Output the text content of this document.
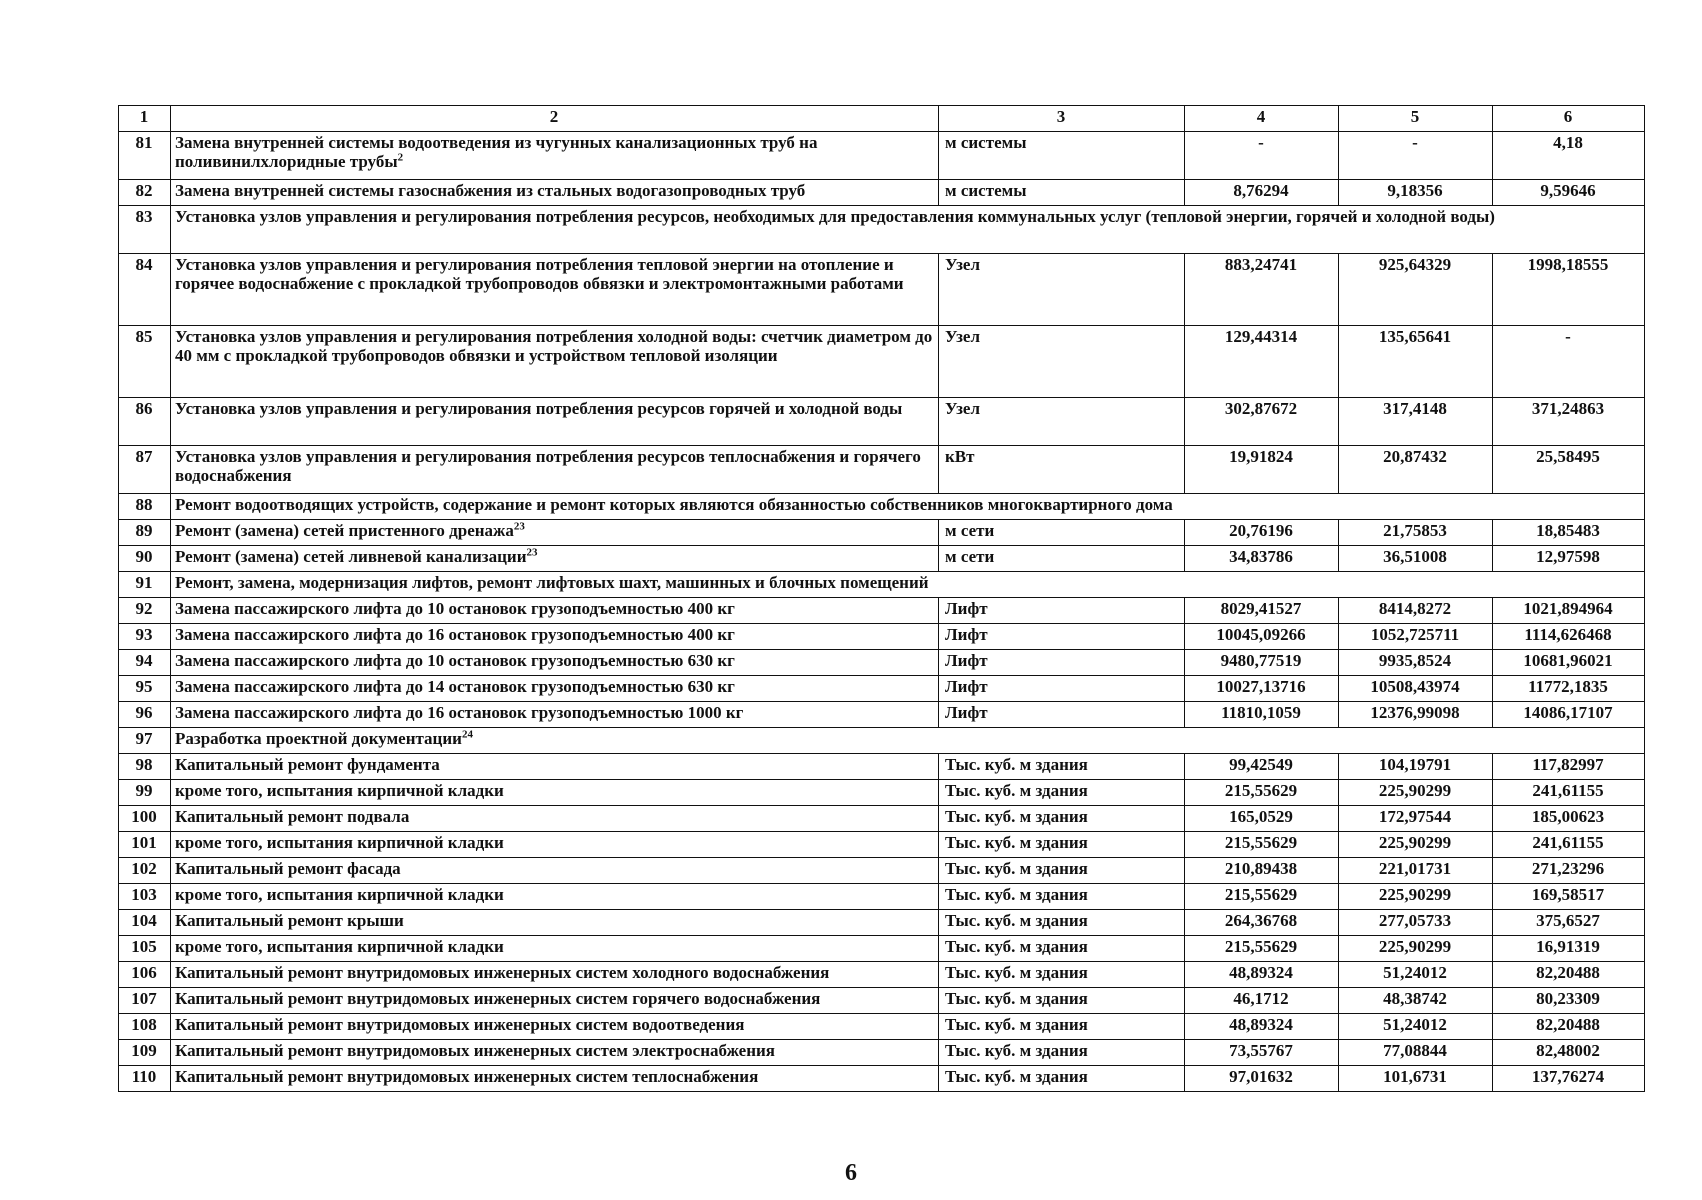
1	2	3	4	5	6
81	Замена внутренней системы водоотведения из чугунных канализационных труб на поливинилхлоридные трубы$^2$	м системы	-	-	4,18
82	Замена внутренней системы газоснабжения из стальных водогазопроводных труб	м системы	8,76294	9,18356	9,59646
83	Установка узлов управления и регулирования потребления ресурсов, необходимых для предоставления коммунальных услуг (тепловой энергии, горячей и холодной воды)				
84	Установка узлов управления и регулирования потребления тепловой энергии на отопление и горячее водоснабжение с прокладкой трубопроводов обвязки и электромонтажными работами	Узел	883,24741	925,64329	1998,18555
85	Установка узлов управления и регулирования потребления холодной воды: счетчик диаметром до 40 мм с прокладкой трубопроводов обвязки и устройством тепловой изоляции	Узел	129,44314	135,65641	-
86	Установка узлов управления и регулирования потребления ресурсов горячей и холодной воды	Узел	302,87672	317,4148	371,24863
87	Установка узлов управления и регулирования потребления ресурсов теплоснабжения и горячего водоснабжения	кВт	19,91824	20,87432	25,58495
88	Ремонт водоотводящих устройств, содержание и ремонт которых являются обязанностью собственников многоквартирного дома				
89	Ремонт (замена) сетей пристенного дренажа$^{23}$	м сети	20,76196	21,75853	18,85483
90	Ремонт (замена) сетей ливневой канализации$^{23}$	м сети	34,83786	36,51008	12,97598
91	Ремонт, замена, модернизация лифтов, ремонт лифтовых шахт, машинных и блочных помещений				
92	Замена пассажирского лифта до 10 остановок грузоподъемностью 400 кг	Лифт	8029,41527	8414,8272	1021,894964
93	Замена пассажирского лифта до 16 остановок грузоподъемностью 400 кг	Лифт	10045,09266	1052,725711	1114,626468
94	Замена пассажирского лифта до 10 остановок грузоподъемностью 630 кг	Лифт	9480,77519	9935,8524	10681,96021
95	Замена пассажирского лифта до 14 остановок грузоподъемностью 630 кг	Лифт	10027,13716	10508,43974	11772,1835
96	Замена пассажирского лифта до 16 остановок грузоподъемностью 1000 кг	Лифт	11810,1059	12376,99098	14086,17107
97	Разработка проектной документации$^{24}$
98	Капитальный ремонт фундамента	Тыс. куб. м здания	99,42549	104,19791	117,82997
99	кроме того, испытания кирпичной кладки	Тыс. куб. м здания	215,55629	225,90299	241,61155
100	Капитальный ремонт подвала	Тыс. куб. м здания	165,0529	172,97544	185,00623
101	кроме того, испытания кирпичной кладки	Тыс. куб. м здания	215,55629	225,90299	241,61155
102	Капитальный ремонт фасада	Тыс. куб. м здания	210,89438	221,01731	271,23296
103	кроме того, испытания кирпичной кладки	Тыс. куб. м здания	215,55629	225,90299	169,58517
104	Капитальный ремонт крыши	Тыс. куб. м здания	264,36768	277,05733	375,6527
105	кроме того, испытания кирпичной кладки	Тыс. куб. м здания	215,55629	225,90299	16,91319
106	Капитальный ремонт внутридомовых инженерных систем холодного водоснабжения	Тыс. куб. м здания	48,89324	51,24012	82,20488
107	Капитальный ремонт внутридомовых инженерных систем горячего водоснабжения	Тыс. куб. м здания	46,1712	48,38742	80,23309
108	Капитальный ремонт внутридомовых инженерных систем водоотведения	Тыс. куб. м здания	48,89324	51,24012	82,20488
109	Капитальный ремонт внутридомовых инженерных систем электроснабжения	Тыс. куб. м здания	73,55767	77,08844	82,48002
110	Капитальный ремонт внутридомовых инженерных систем теплоснабжения	Тыс. куб. м здания	97,01632	101,6731	137,76274
6
